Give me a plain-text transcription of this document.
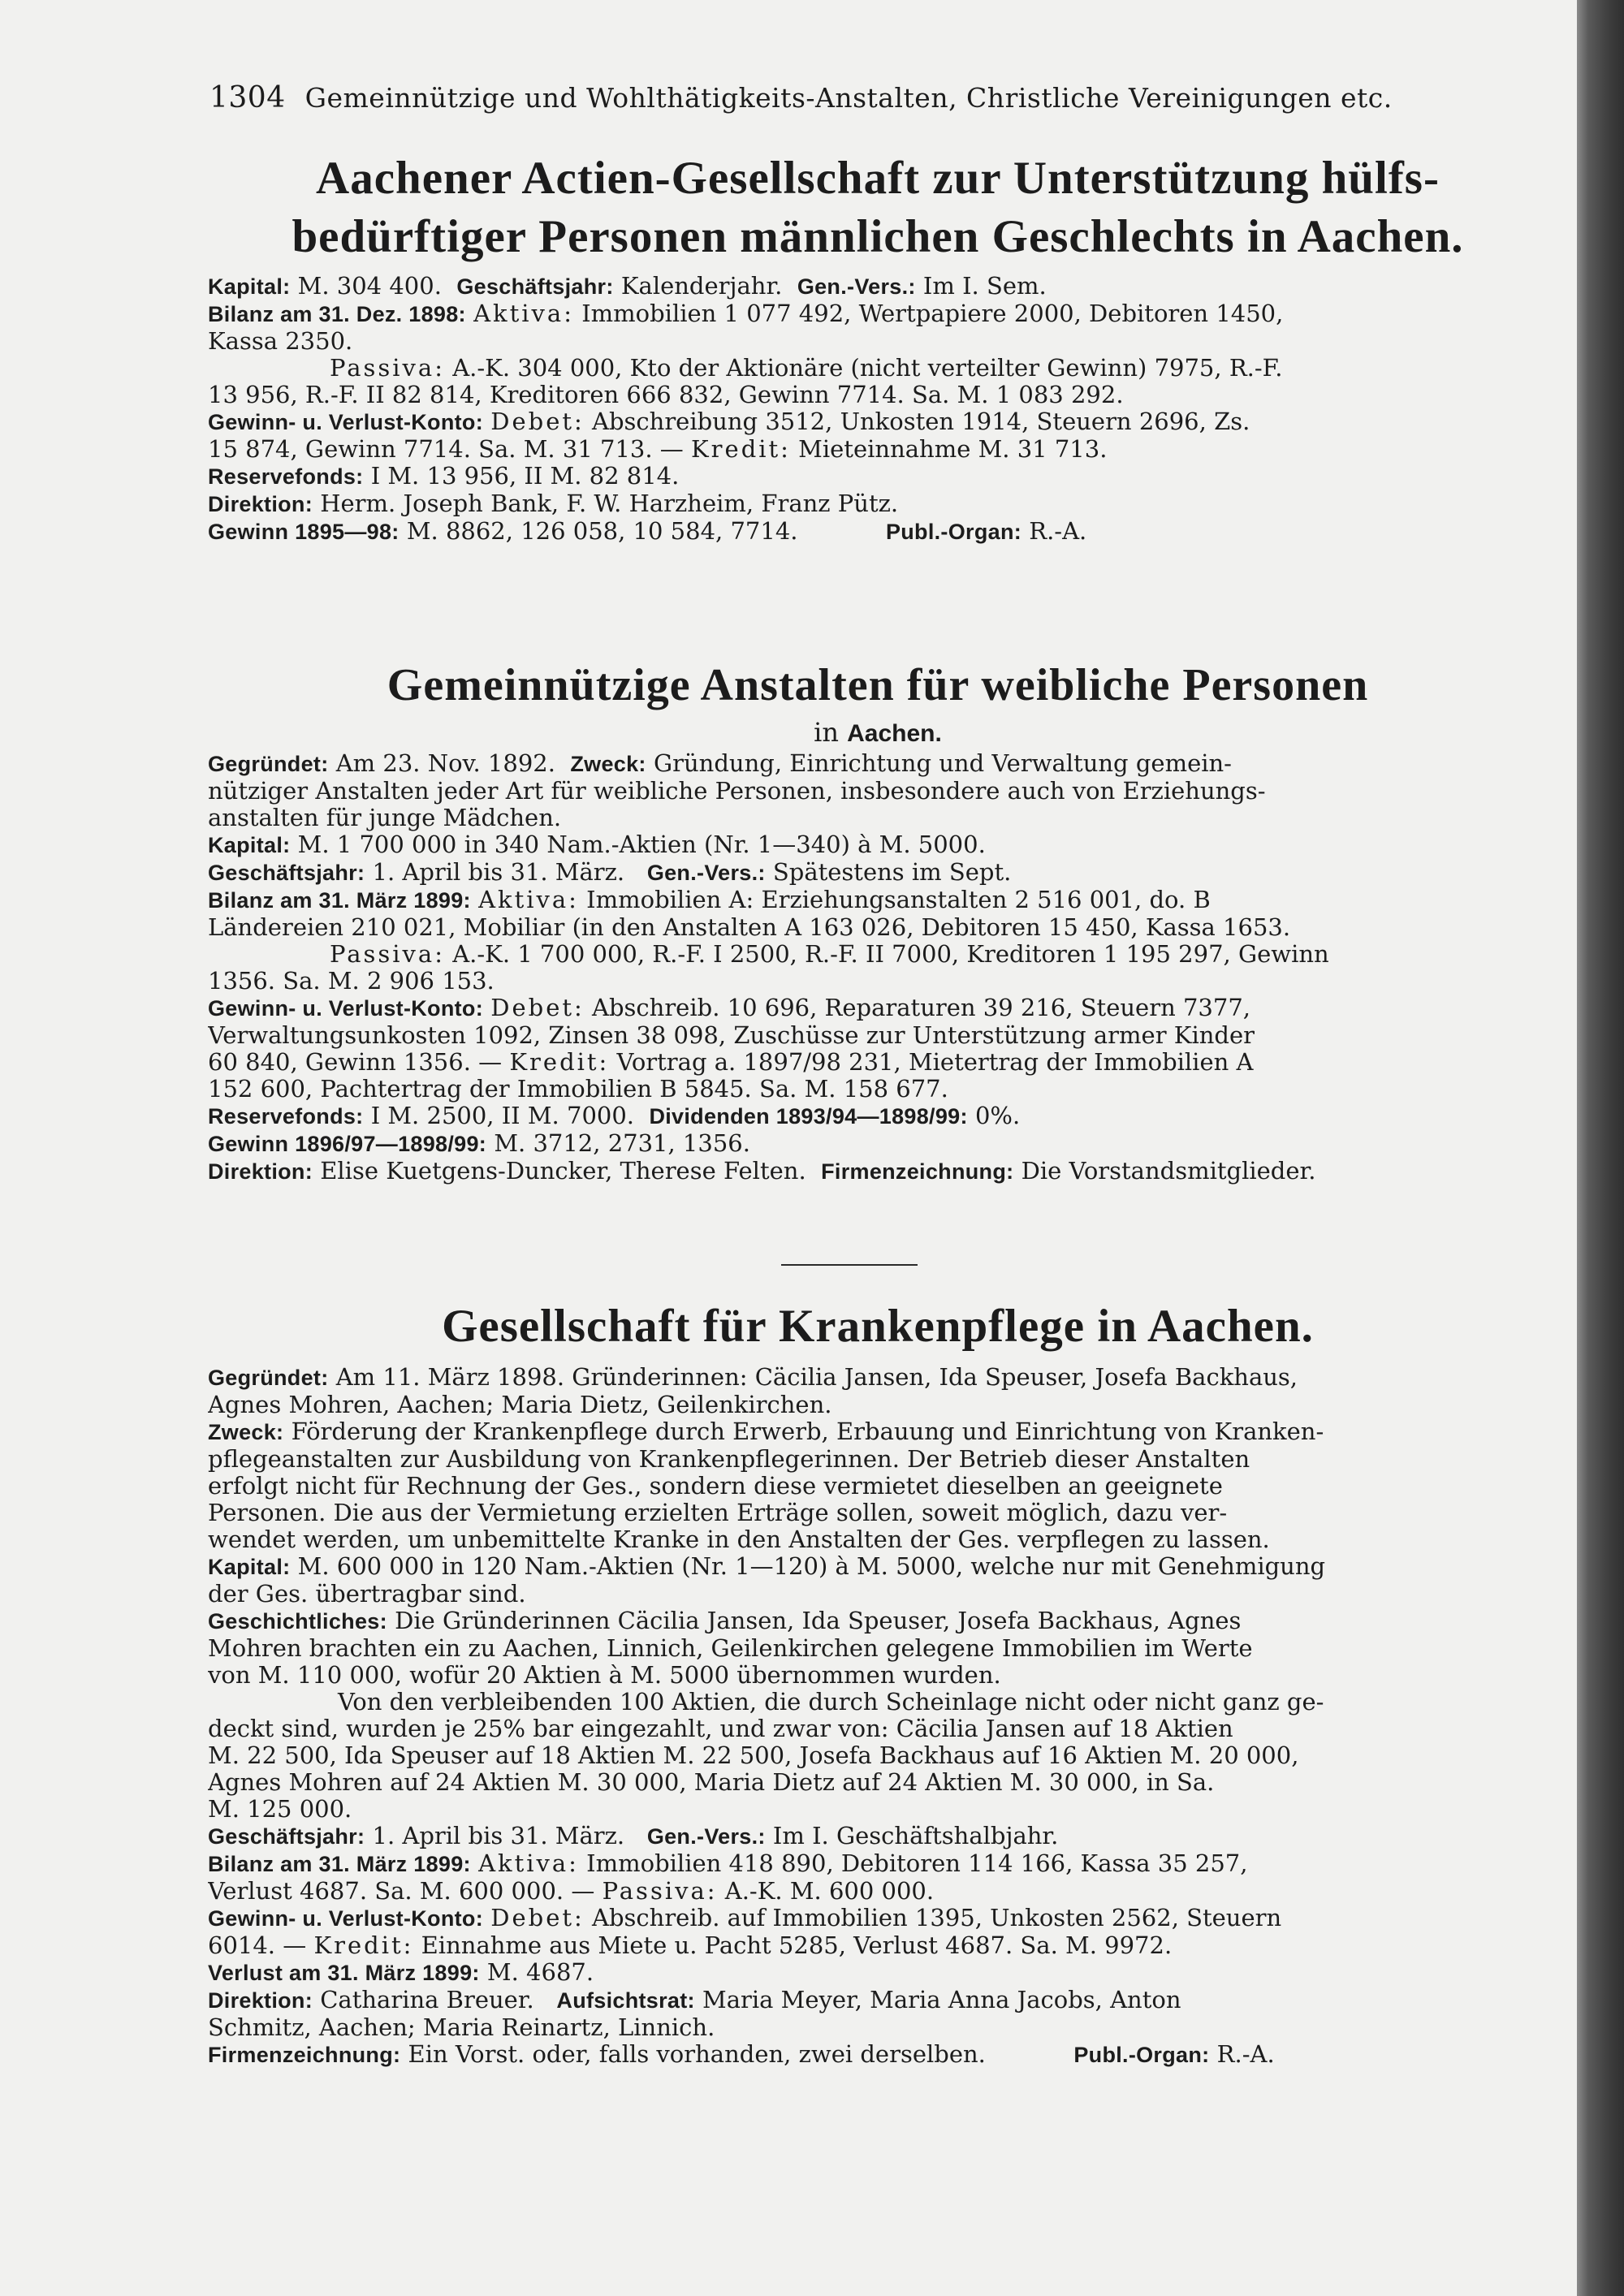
1304 Gemeinnützige und Wohlthätigkeits-Anstalten, Christliche Vereinigungen etc.
Aachener Actien-Gesellschaft zur Unterstützung hülfs-
bedürftiger Personen männlichen Geschlechts in Aachen.
Kapital: M. 304 400. Geschäftsjahr: Kalenderjahr. Gen.-Vers.: Im I. Sem.
Bilanz am 31. Dez. 1898: Aktiva: Immobilien 1 077 492, Wertpapiere 2000, Debitoren 1450,
Kassa 2350.
Passiva: A.-K. 304 000, Kto der Aktionäre (nicht verteilter Gewinn) 7975, R.-F.
13 956, R.-F. II 82 814, Kreditoren 666 832, Gewinn 7714. Sa. M. 1 083 292.
Gewinn- u. Verlust-Konto: Debet: Abschreibung 3512, Unkosten 1914, Steuern 2696, Zs.
15 874, Gewinn 7714. Sa. M. 31 713. — Kredit: Mieteinnahme M. 31 713.
Reservefonds: I M. 13 956, II M. 82 814.
Direktion: Herm. Joseph Bank, F. W. Harzheim, Franz Pütz.
Gewinn 1895—98: M. 8862, 126 058, 10 584, 7714.	Publ.-Organ: R.-A.
Gemeinnützige Anstalten für weibliche Personen
in Aachen.
Gegründet: Am 23. Nov. 1892. Zweck: Gründung, Einrichtung und Verwaltung gemein-
nütziger Anstalten jeder Art für weibliche Personen, insbesondere auch von Erziehungs-
anstalten für junge Mädchen.
Kapital: M. 1 700 000 in 340 Nam.-Aktien (Nr. 1—340) à M. 5000.
Geschäftsjahr: 1. April bis 31. März. Gen.-Vers.: Spätestens im Sept.
Bilanz am 31. März 1899: Aktiva: Immobilien A: Erziehungsanstalten 2 516 001, do. B
Ländereien 210 021, Mobiliar (in den Anstalten A 163 026, Debitoren 15 450, Kassa 1653.
Passiva: A.-K. 1 700 000, R.-F. I 2500, R.-F. II 7000, Kreditoren 1 195 297, Gewinn
1356. Sa. M. 2 906 153.
Gewinn- u. Verlust-Konto: Debet: Abschreib. 10 696, Reparaturen 39 216, Steuern 7377,
Verwaltungsunkosten 1092, Zinsen 38 098, Zuschüsse zur Unterstützung armer Kinder
60 840, Gewinn 1356. — Kredit: Vortrag a. 1897/98 231, Mietertrag der Immobilien A
152 600, Pachtertrag der Immobilien B 5845. Sa. M. 158 677.
Reservefonds: I M. 2500, II M. 7000. Dividenden 1893/94—1898/99: 0%.
Gewinn 1896/97—1898/99: M. 3712, 2731, 1356.
Direktion: Elise Kuetgens-Duncker, Therese Felten. Firmenzeichnung: Die Vorstandsmitglieder.
Gesellschaft für Krankenpflege in Aachen.
Gegründet: Am 11. März 1898. Gründerinnen: Cäcilia Jansen, Ida Speuser, Josefa Backhaus,
Agnes Mohren, Aachen; Maria Dietz, Geilenkirchen.
Zweck: Förderung der Krankenpflege durch Erwerb, Erbauung und Einrichtung von Kranken-
pflegeanstalten zur Ausbildung von Krankenpflegerinnen. Der Betrieb dieser Anstalten
erfolgt nicht für Rechnung der Ges., sondern diese vermietet dieselben an geeignete
Personen. Die aus der Vermietung erzielten Erträge sollen, soweit möglich, dazu ver-
wendet werden, um unbemittelte Kranke in den Anstalten der Ges. verpflegen zu lassen.
Kapital: M. 600 000 in 120 Nam.-Aktien (Nr. 1—120) à M. 5000, welche nur mit Genehmigung
der Ges. übertragbar sind.
Geschichtliches: Die Gründerinnen Cäcilia Jansen, Ida Speuser, Josefa Backhaus, Agnes
Mohren brachten ein zu Aachen, Linnich, Geilenkirchen gelegene Immobilien im Werte
von M. 110 000, wofür 20 Aktien à M. 5000 übernommen wurden.
Von den verbleibenden 100 Aktien, die durch Scheinlage nicht oder nicht ganz ge-
deckt sind, wurden je 25% bar eingezahlt, und zwar von: Cäcilia Jansen auf 18 Aktien
M. 22 500, Ida Speuser auf 18 Aktien M. 22 500, Josefa Backhaus auf 16 Aktien M. 20 000,
Agnes Mohren auf 24 Aktien M. 30 000, Maria Dietz auf 24 Aktien M. 30 000, in Sa.
M. 125 000.
Geschäftsjahr: 1. April bis 31. März. Gen.-Vers.: Im I. Geschäftshalbjahr.
Bilanz am 31. März 1899: Aktiva: Immobilien 418 890, Debitoren 114 166, Kassa 35 257,
Verlust 4687. Sa. M. 600 000. — Passiva: A.-K. M. 600 000.
Gewinn- u. Verlust-Konto: Debet: Abschreib. auf Immobilien 1395, Unkosten 2562, Steuern
6014. — Kredit: Einnahme aus Miete u. Pacht 5285, Verlust 4687. Sa. M. 9972.
Verlust am 31. März 1899: M. 4687.
Direktion: Catharina Breuer. Aufsichtsrat: Maria Meyer, Maria Anna Jacobs, Anton
Schmitz, Aachen; Maria Reinartz, Linnich.
Firmenzeichnung: Ein Vorst. oder, falls vorhanden, zwei derselben.	Publ.-Organ: R.-A.
